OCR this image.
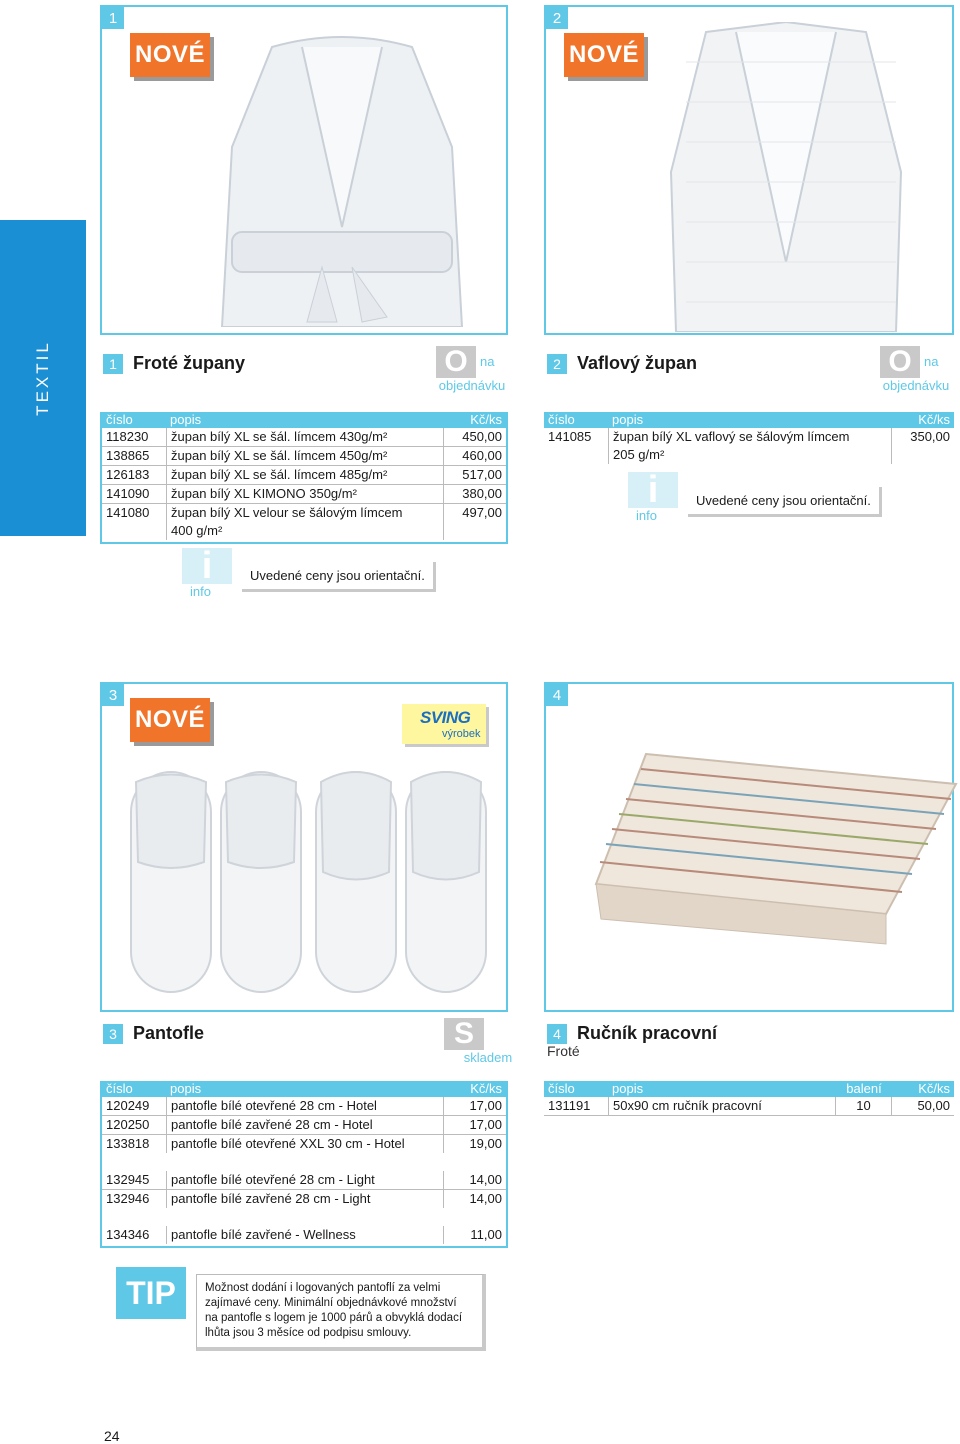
TEXTIL
1
NOVÉ
2
NOVÉ
1 Froté župany	O na
objednávku
2 Vaflový župan	O na
objednávku
číslo	popis	Kč/ks
118230	župan bílý XL se šál. límcem 430g/m²	450,00
138865	župan bílý XL se šál. límcem 450g/m²	460,00
126183	župan bílý XL se šál. límcem 485g/m²	517,00
141090	župan bílý XL KIMONO 350g/m²	380,00
141080	župan bílý XL velour se šálovým límcem	497,00
400 g/m²
číslo	popis	Kč/ks
141085	župan bílý XL vaflový se šálovým límcem	350,00
205 g/m²
i
info
Uvedené ceny jsou orientační.
i
info
Uvedené ceny jsou orientační.
3
NOVÉ	SVING
výrobek
4
3 Pantofle	S
skladem
4 Ručník pracovní
Froté
číslo	popis	Kč/ks
120249	pantofle bílé otevřené 28 cm - Hotel	17,00
120250	pantofle bílé zavřené 28 cm - Hotel	17,00
133818	pantofle bílé otevřené XXL 30 cm - Hotel	19,00
132945	pantofle bílé otevřené 28 cm - Light	14,00
132946	pantofle bílé zavřené 28 cm - Light	14,00
134346	pantofle bílé zavřené - Wellness	11,00
číslo	popis	balení	Kč/ks
131191	50x90 cm ručník pracovní	10	50,00
TIP	Možnost dodání i logovaných pantoflí za velmi
zajímavé ceny. Minimální objednávkové množství
na pantofle s logem je 1000 párů a obvyklá dodací
lhůta jsou 3 měsíce od podpisu smlouvy.
24
